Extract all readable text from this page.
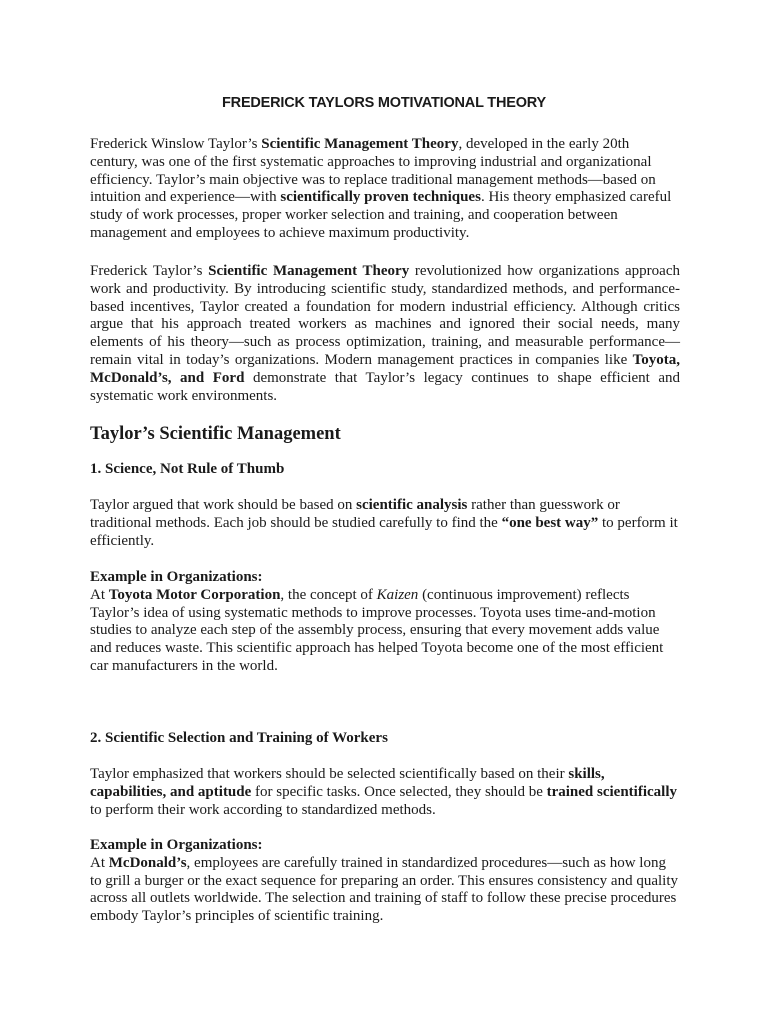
FREDERICK TAYLORS MOTIVATIONAL THEORY

Frederick Winslow Taylor’s Scientific Management Theory, developed in the early 20th century, was one of the first systematic approaches to improving industrial and organizational efficiency. Taylor’s main objective was to replace traditional management methods—based on intuition and experience—with scientifically proven techniques. His theory emphasized careful study of work processes, proper worker selection and training, and cooperation between management and employees to achieve maximum productivity.

Frederick Taylor’s Scientific Management Theory revolutionized how organizations approach work and productivity. By introducing scientific study, standardized methods, and performance-based incentives, Taylor created a foundation for modern industrial efficiency. Although critics argue that his approach treated workers as machines and ignored their social needs, many elements of his theory—such as process optimization, training, and measurable performance—remain vital in today’s organizations. Modern management practices in companies like Toyota, McDonald’s, and Ford demonstrate that Taylor’s legacy continues to shape efficient and systematic work environments.

Taylor’s Scientific Management

1. Science, Not Rule of Thumb

Taylor argued that work should be based on scientific analysis rather than guesswork or traditional methods. Each job should be studied carefully to find the “one best way” to perform it efficiently.

Example in Organizations:
At Toyota Motor Corporation, the concept of Kaizen (continuous improvement) reflects Taylor’s idea of using systematic methods to improve processes. Toyota uses time-and-motion studies to analyze each step of the assembly process, ensuring that every movement adds value and reduces waste. This scientific approach has helped Toyota become one of the most efficient car manufacturers in the world.

2. Scientific Selection and Training of Workers

Taylor emphasized that workers should be selected scientifically based on their skills, capabilities, and aptitude for specific tasks. Once selected, they should be trained scientifically to perform their work according to standardized methods.

Example in Organizations:
At McDonald’s, employees are carefully trained in standardized procedures—such as how long to grill a burger or the exact sequence for preparing an order. This ensures consistency and quality across all outlets worldwide. The selection and training of staff to follow these precise procedures embody Taylor’s principles of scientific training.
